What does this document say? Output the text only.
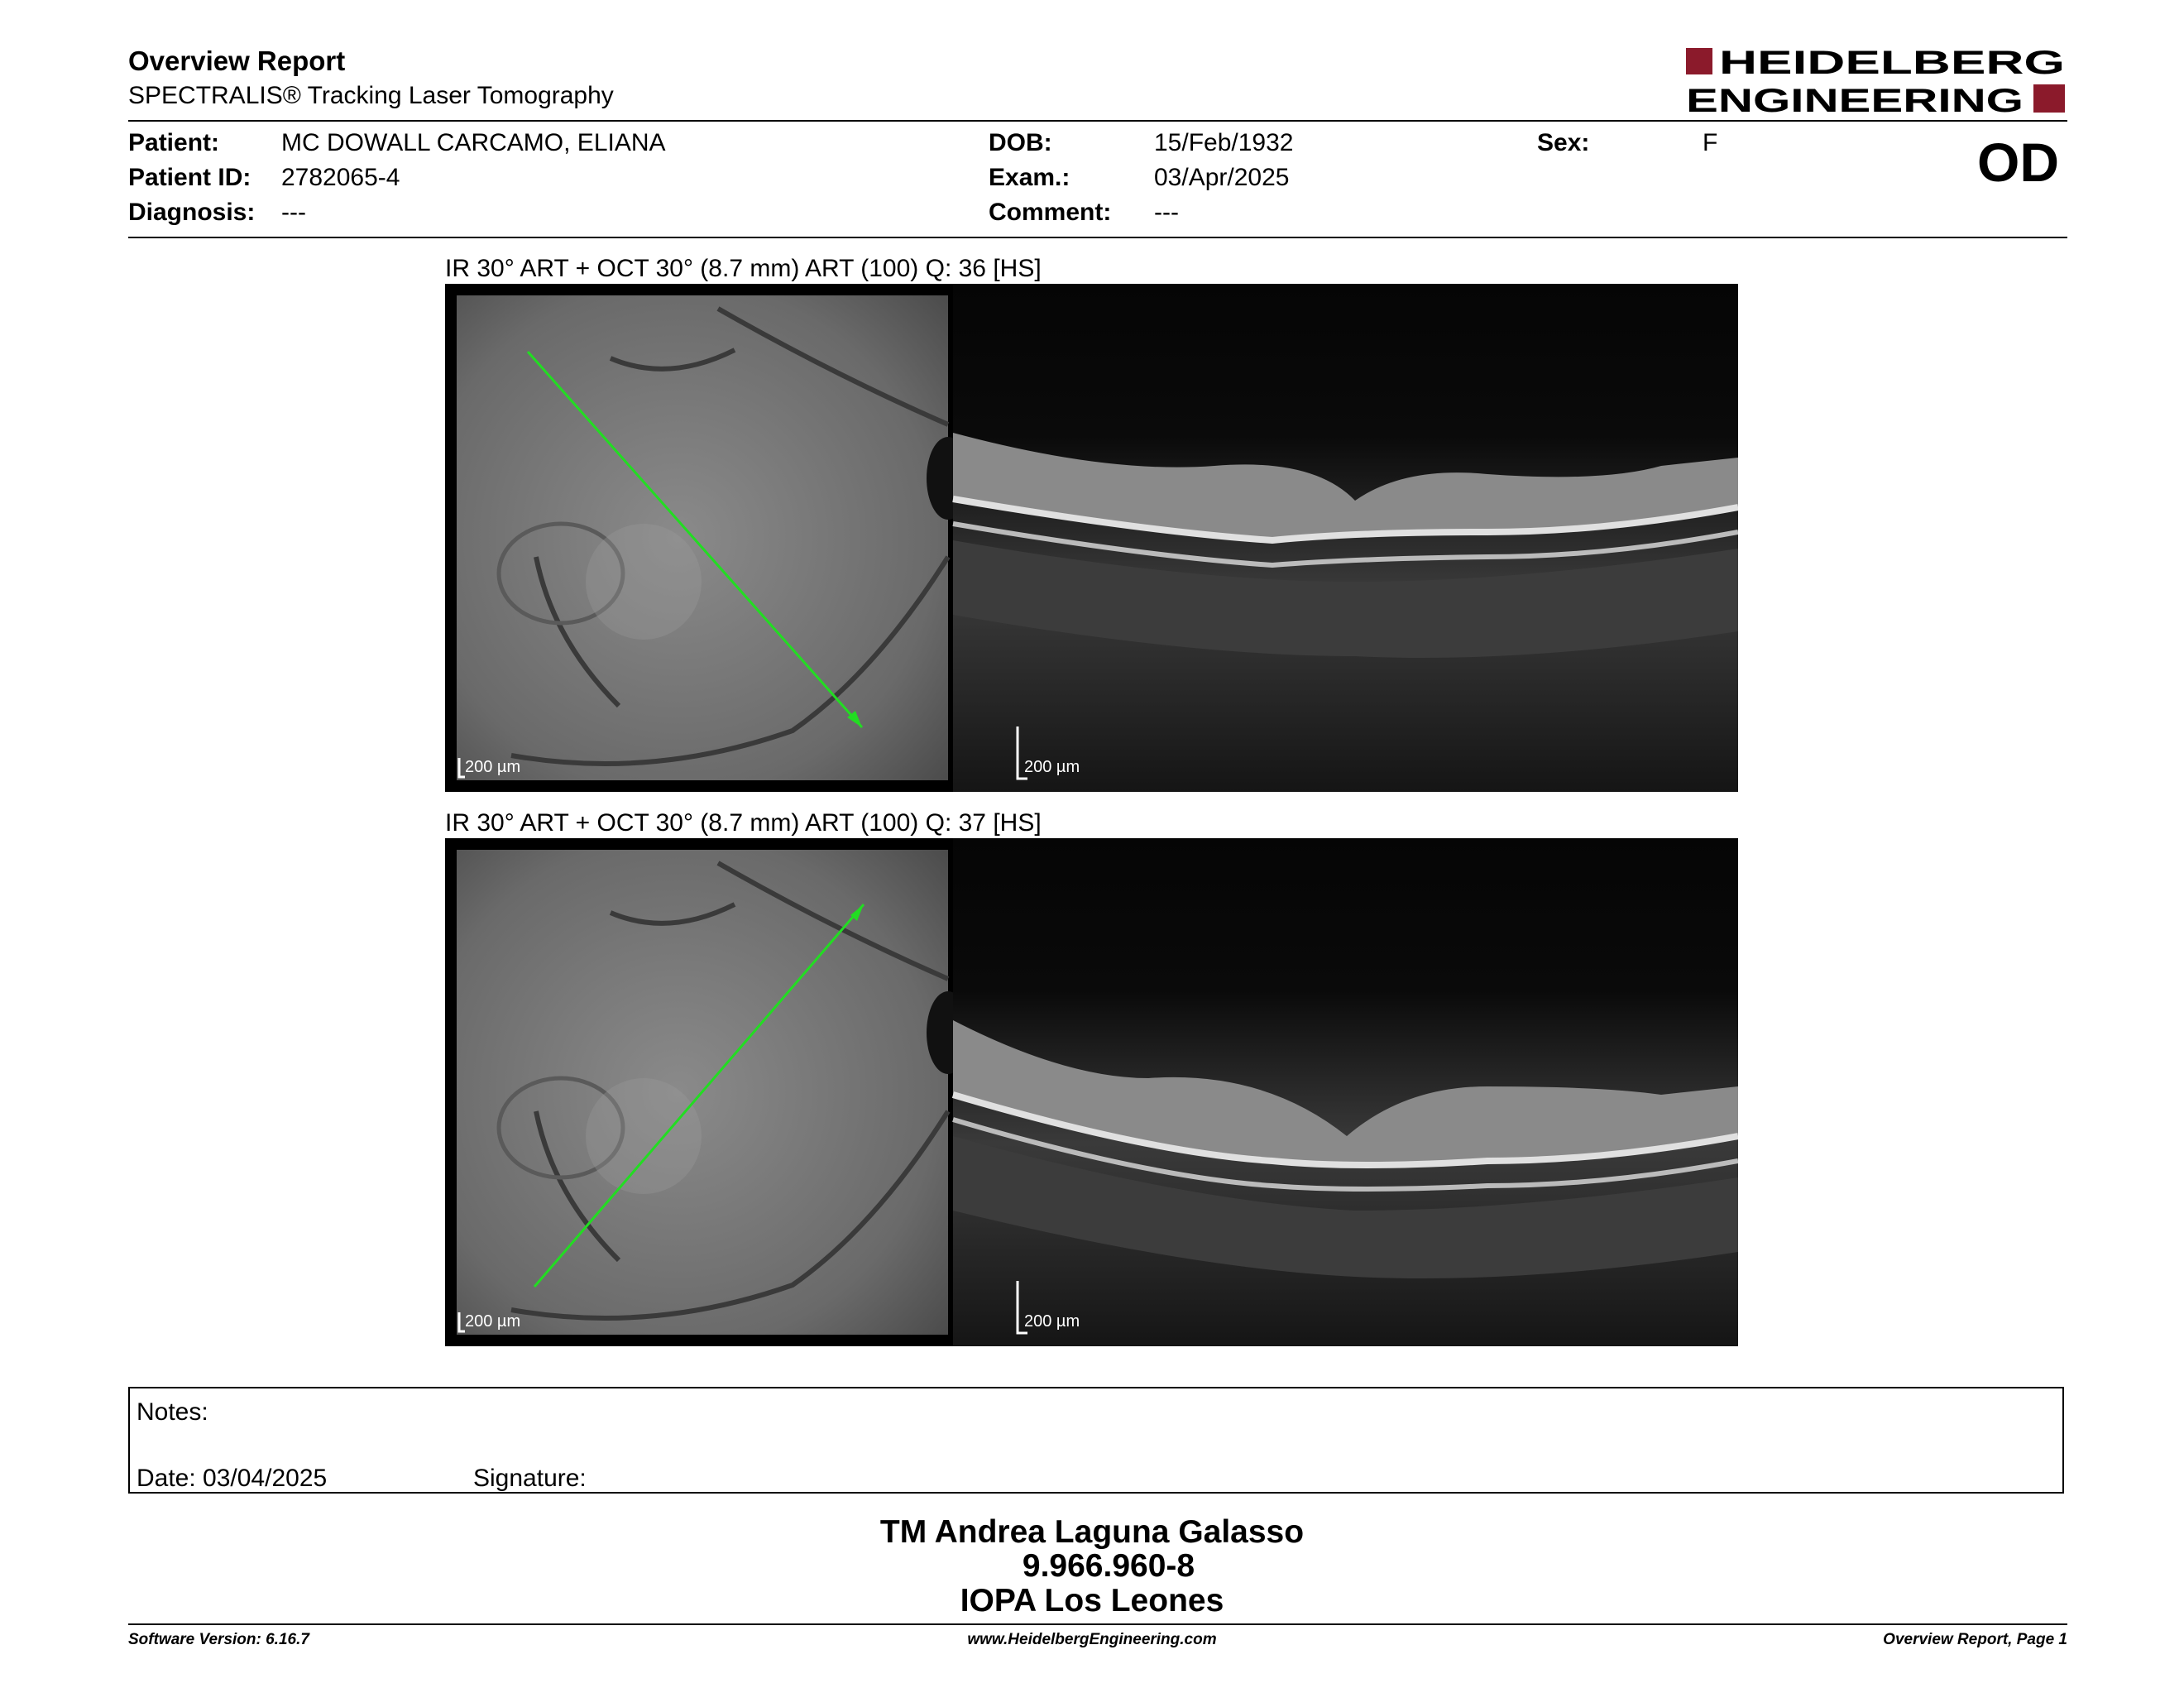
Overview Report
SPECTRALIS® Tracking Laser Tomography
HEIDELBERG
ENGINEERING
Patient: MC DOWALL CARCAMO, ELIANA
Patient ID: 2782065-4
Diagnosis: ---
DOB:	15/Feb/1932
Exam.:	03/Apr/2025
Comment: ---
Sex:	F	OD
IR 30° ART + OCT 30° (8.7 mm) ART (100) Q: 36 [HS]
200 µm	200 µm
IR 30° ART + OCT 30° (8.7 mm) ART (100) Q: 37 [HS]
200 µm	200 µm
Notes:
Date: 03/04/2025	Signature:
TM Andrea Laguna Galasso
9.966.960-8
IOPA Los Leones
Software Version: 6.16.7	www.HeidelbergEngineering.com	Overview Report, Page 1
